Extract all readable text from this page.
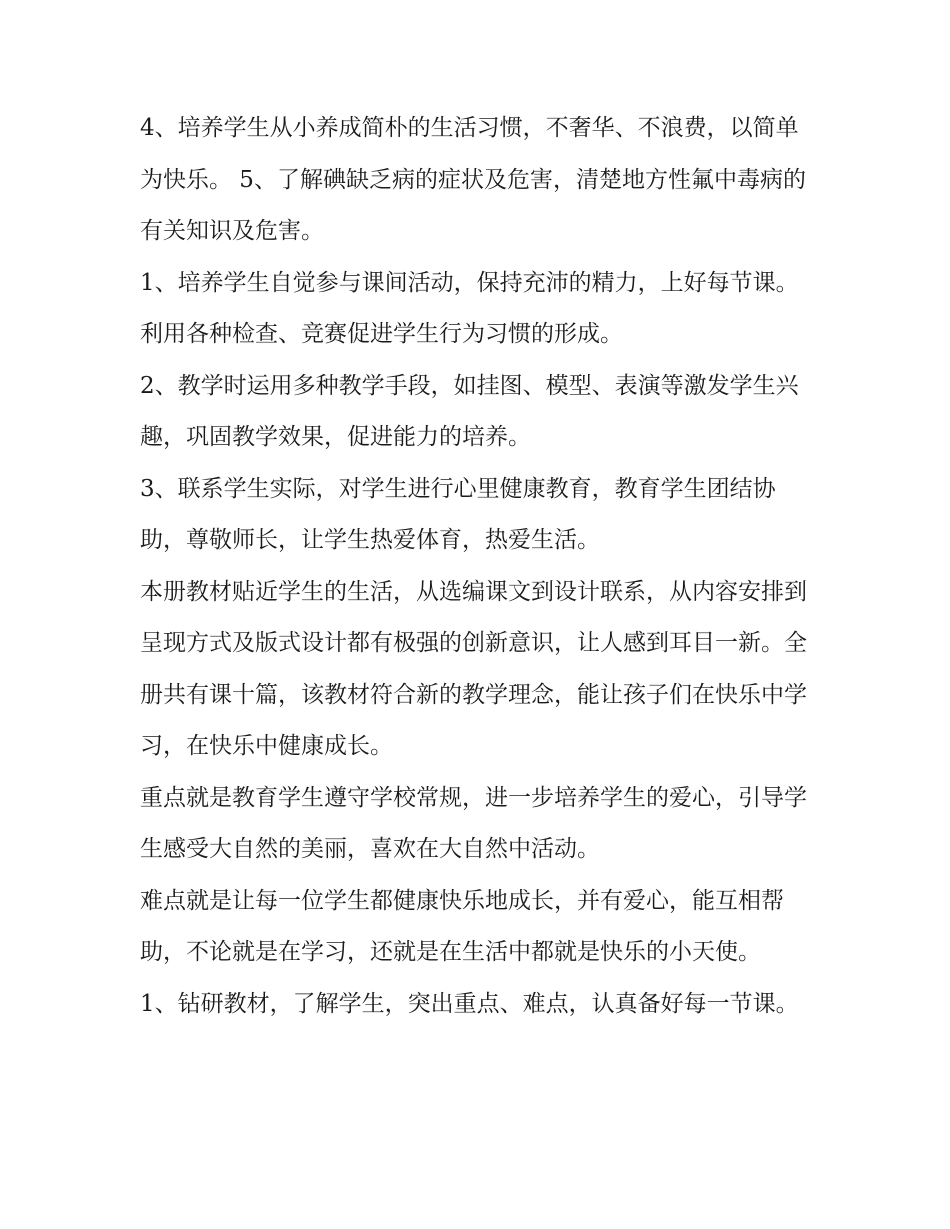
4、培养学生从小养成简朴的生活习惯，不奢华、不浪费，以简单为快乐。 5、了解碘缺乏病的症状及危害，清楚地方性氟中毒病的有关知识及危害。

1、培养学生自觉参与课间活动，保持充沛的精力，上好每节课。利用各种检查、竞赛促进学生行为习惯的形成。

2、教学时运用多种教学手段，如挂图、模型、表演等激发学生兴趣，巩固教学效果，促进能力的培养。

3、联系学生实际，对学生进行心里健康教育，教育学生团结协助，尊敬师长，让学生热爱体育，热爱生活。

本册教材贴近学生的生活，从选编课文到设计联系，从内容安排到呈现方式及版式设计都有极强的创新意识，让人感到耳目一新。全册共有课十篇，该教材符合新的教学理念，能让孩子们在快乐中学习，在快乐中健康成长。

重点就是教育学生遵守学校常规，进一步培养学生的爱心，引导学生感受大自然的美丽，喜欢在大自然中活动。

难点就是让每一位学生都健康快乐地成长，并有爱心，能互相帮助，不论就是在学习，还就是在生活中都就是快乐的小天使。

1、钻研教材，了解学生，突出重点、难点，认真备好每一节课。
